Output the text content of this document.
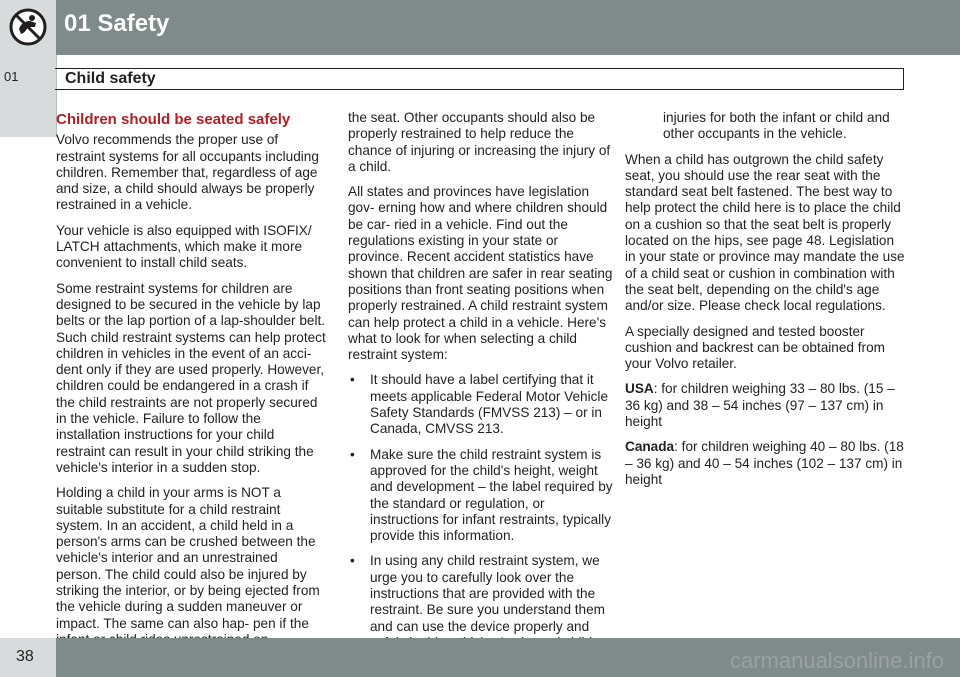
01 Safety
01	Child safety
Children should be seated safely

Volvo recommends the proper use of restraint systems for all occupants including children. Remember that, regardless of age and size, a child should always be properly restrained in a vehicle.

Your vehicle is also equipped with ISOFIX/ LATCH attachments, which make it more convenient to install child seats.

Some restraint systems for children are designed to be secured in the vehicle by lap belts or the lap portion of a lap-shoulder belt. Such child restraint systems can help protect children in vehicles in the event of an acci- dent only if they are used properly. However, children could be endangered in a crash if the child restraints are not properly secured in the vehicle. Failure to follow the installation instructions for your child restraint can result in your child striking the vehicle's interior in a sudden stop.

Holding a child in your arms is NOT a suitable substitute for a child restraint system. In an accident, a child held in a person's arms can be crushed between the vehicle's interior and an unrestrained person. The child could also be injured by striking the interior, or by being ejected from the vehicle during a sudden maneuver or impact. The same can also hap- pen if the

the seat. Other occupants should also be properly restrained to help reduce the chance of injuring or increasing the injury of a child.

All states and provinces have legislation gov- erning how and where children should be car- ried in a vehicle. Find out the regulations existing in your state or province. Recent accident statistics have shown that children are safer in rear seating positions than front seating positions when properly restrained. A child restraint system can help protect a child in a vehicle. Here's what to look for when selecting a child restraint system:

• It should have a label certifying that it meets applicable Federal Motor Vehicle Safety Standards (FMVSS 213) – or in Canada, CMVSS 213.
• Make sure the child restraint system is approved for the child's height, weight and development – the label required by the standard or regulation, or instructions for infant restraints, typically provide this information.
• In using any child restraint system, we urge you to carefully look over the instructions that are provided with the restraint. Be sure you understand them and can use the device properly and

injuries for both the infant or child and other occupants in the vehicle.

When a child has outgrown the child safety seat, you should use the rear seat with the standard seat belt fastened. The best way to help protect the child here is to place the child on a cushion so that the seat belt is properly located on the hips, see page 48. Legislation in your state or province may mandate the use of a child seat or cushion in combination with the seat belt, depending on the child's age and/or size. Please check local regulations.

A specially designed and tested booster cushion and backrest can be obtained from your Volvo retailer.

USA: for children weighing 33 – 80 lbs. (15 – 36 kg) and 38 – 54 inches (97 – 137 cm) in height

Canada: for children weighing 40 – 80 lbs. (18 – 36 kg) and 40 – 54 inches (102 – 137 cm) in height

38	carmanualsonline.info
